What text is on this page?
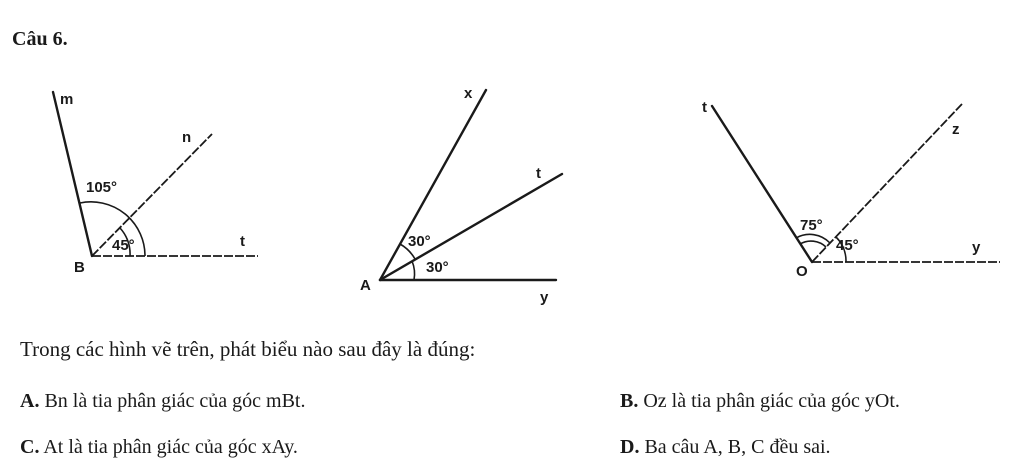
Câu 6.
m
n
t
B
105°
45°
x
t
y
A
30°
30°
t
z
y
O
75°
45°
Trong các hình vẽ trên, phát biểu nào sau đây là đúng:
A. Bn là tia phân giác của góc mBt.	B. Oz là tia phân giác của góc yOt.
C. At là tia phân giác của góc xAy.	D. Ba câu A, B, C đều sai.
